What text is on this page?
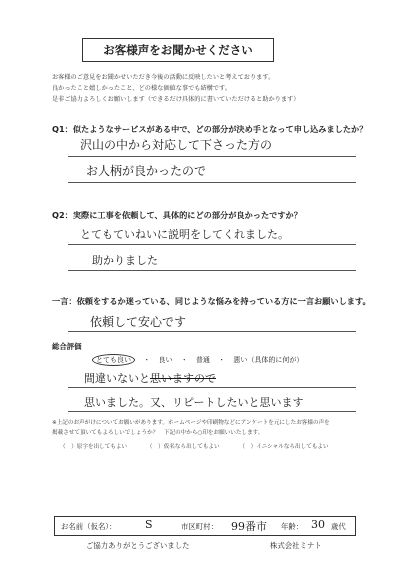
お客様声をお聞かせください
お客様のご意見をお聞かせいただき今後の活動に反映したいと考えております。
良かったこと嬉しかったこと、どの様な価値な事でも結構です。
是非ご協力よろしくお願いします（できるだけ具体的に書いていただけると助かります）
Q1：似たようなサービスがある中で、どの部分が決め手となって申し込みましたか？
沢山の中から対応して下さった方の
お人柄が良かったので
Q2：実際に工事を依頼して、具体的にどの部分が良かったですか？
とてもていねいに説明をしてくれました。
助かりました
一言：依頼をするか迷っている、同じような悩みを持っている方に一言お願いします。
依頼して安心です
総合評価
とても良い ・ 良い ・ 普通 ・ 悪い（具体的に何が）
間違いないと思いますので
思いました。又、リピートしたいと思います
※上記のお声がけについてお願いがあります。ホームページや印刷物などにアンケートを元にしたお客様の声を
掲載させて頂いてもよろしいでしょうか？　下記の中から○印をお願いいたします。
（　）原字を出してもよい	（　）仮名なら出してもよい	（　）イニシャルなら出してもよい
お名前（仮名）：	S	市区町村： 99番市 年齢： 30 歳代
ご協力ありがとうございました	株式会社ミナト
